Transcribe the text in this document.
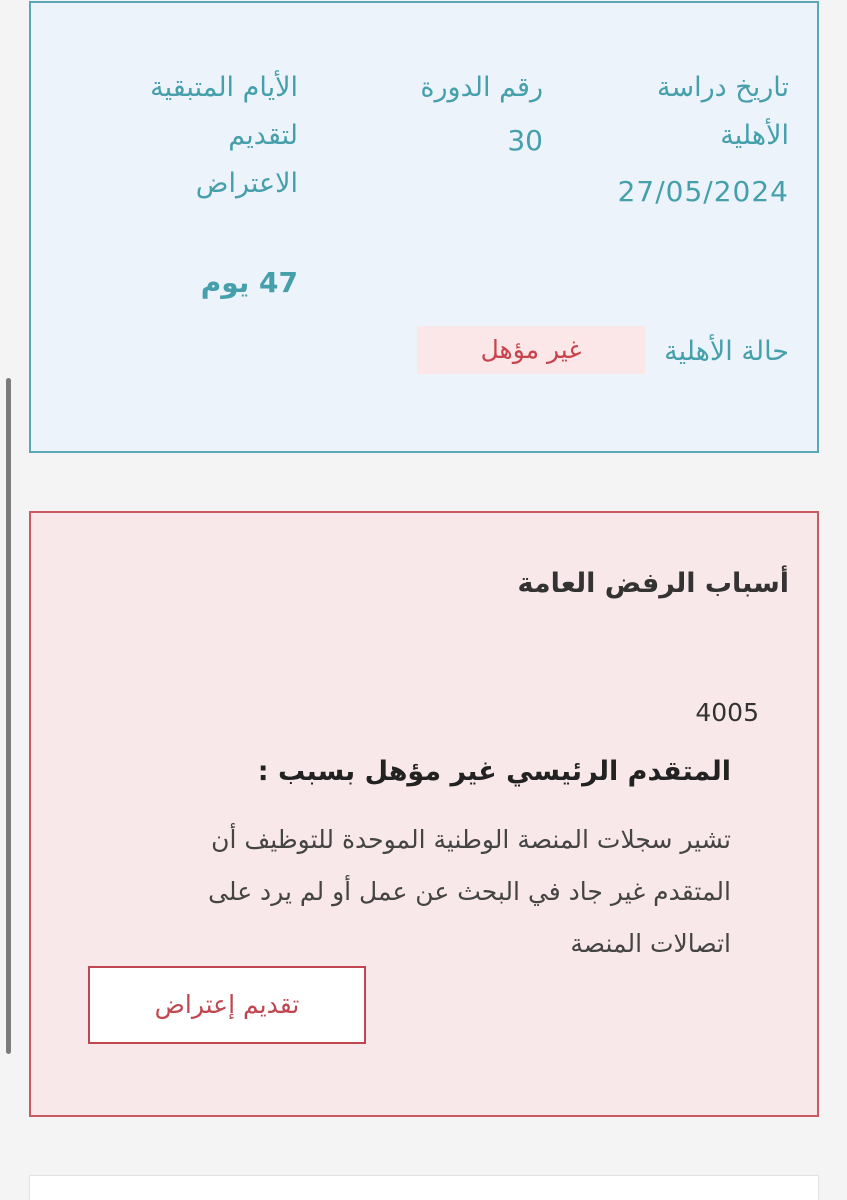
تاريخ دراسة الأهلية
27/05/2024
رقم الدورة
30
الأيام المتبقية لتقديم الاعتراض
47 يوم
حالة الأهلية
غير مؤهل
أسباب الرفض العامة
4005
المتقدم الرئيسي غير مؤهل بسبب :

تشير سجلات المنصة الوطنية الموحدة للتوظيف أن المتقدم غير جاد في البحث عن عمل أو لم يرد على اتصالات المنصة

تقديم إعتراض
